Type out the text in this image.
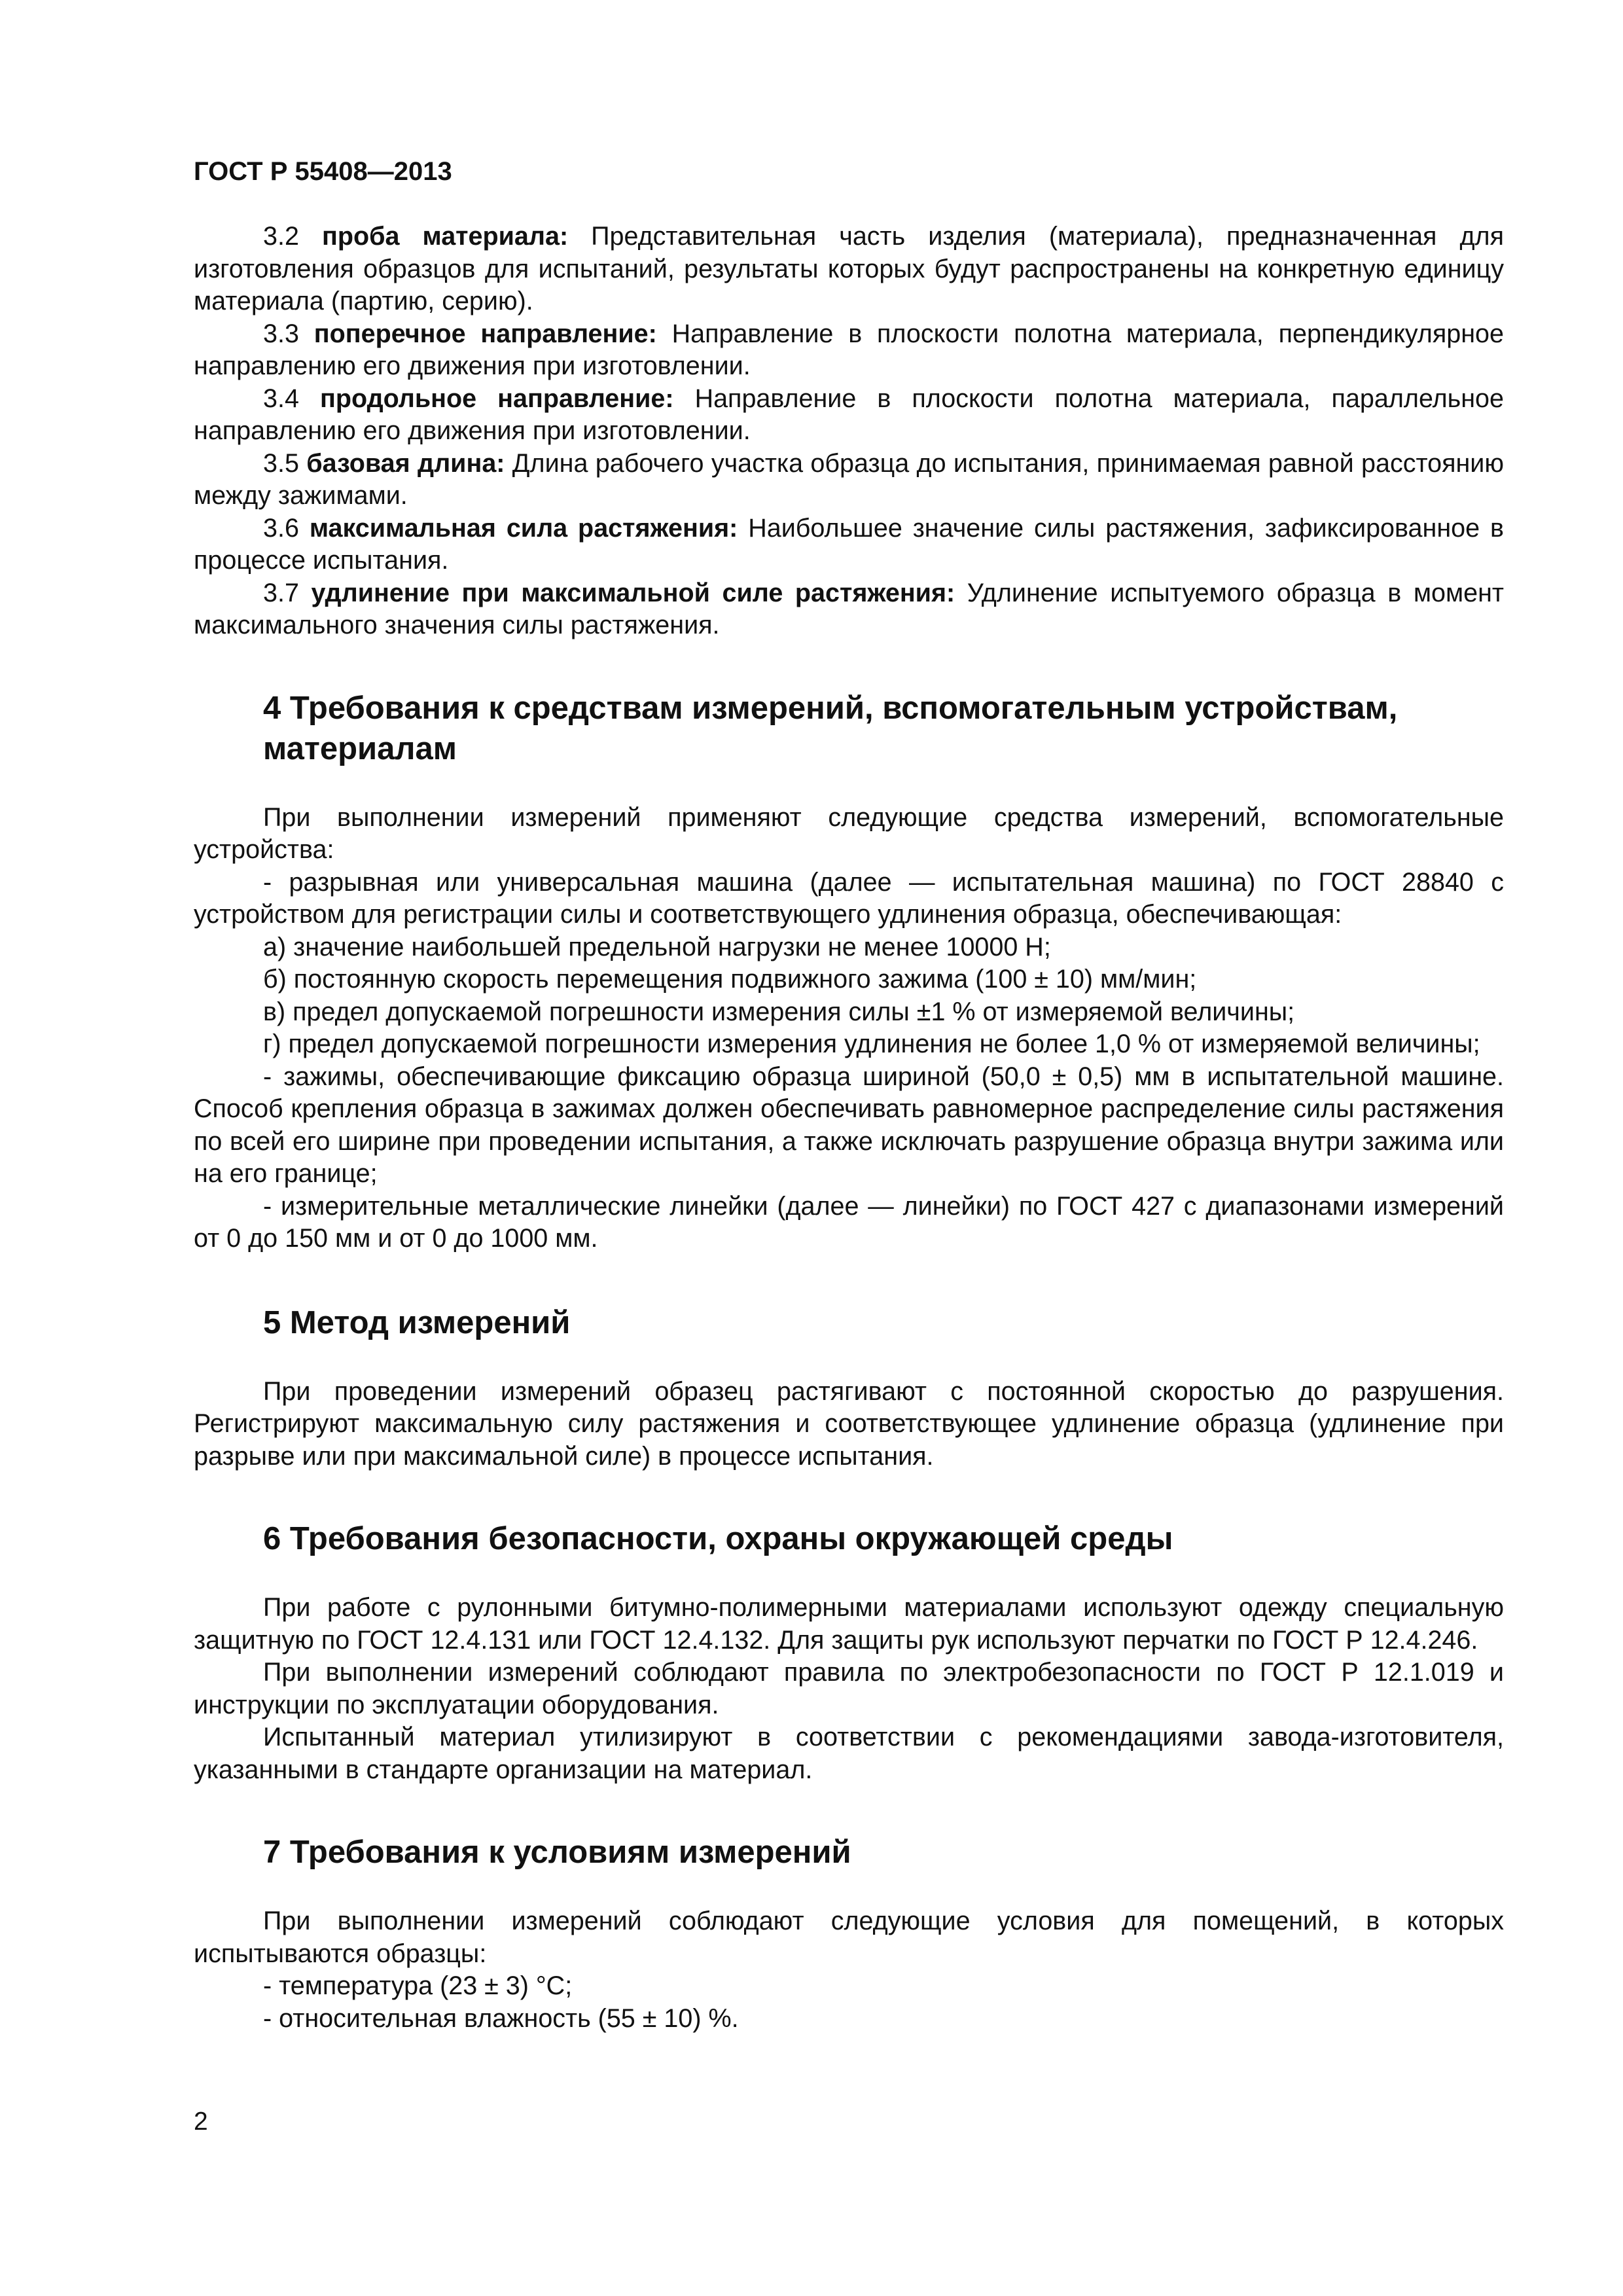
ГОСТ Р 55408—2013

3.2 проба материала: Представительная часть изделия (материала), предназначенная для изготовления образцов для испытаний, результаты которых будут распространены на конкретную единицу материала (партию, серию).

3.3 поперечное направление: Направление в плоскости полотна материала, перпендикулярное направлению его движения при изготовлении.

3.4 продольное направление: Направление в плоскости полотна материала, параллельное направлению его движения при изготовлении.

3.5 базовая длина: Длина рабочего участка образца до испытания, принимаемая равной расстоянию между зажимами.

3.6 максимальная сила растяжения: Наибольшее значение силы растяжения, зафиксированное в процессе испытания.

3.7 удлинение при максимальной силе растяжения: Удлинение испытуемого образца в момент максимального значения силы растяжения.

4 Требования к средствам измерений, вспомогательным устройствам, материалам

При выполнении измерений применяют следующие средства измерений, вспомогательные устройства:

- разрывная или универсальная машина (далее — испытательная машина) по ГОСТ 28840 с устройством для регистрации силы и соответствующего удлинения образца, обеспечивающая:

а) значение наибольшей предельной нагрузки не менее 10000 Н;

б) постоянную скорость перемещения подвижного зажима (100 ± 10) мм/мин;

в) предел допускаемой погрешности измерения силы ±1 % от измеряемой величины;

г) предел допускаемой погрешности измерения удлинения не более 1,0 % от измеряемой величины;

- зажимы, обеспечивающие фиксацию образца шириной (50,0 ± 0,5) мм в испытательной машине. Способ крепления образца в зажимах должен обеспечивать равномерное распределение силы растяжения по всей его ширине при проведении испытания, а также исключать разрушение образца внутри зажима или на его границе;

- измерительные металлические линейки (далее — линейки) по ГОСТ 427 с диапазонами измерений от 0 до 150 мм и от 0 до 1000 мм.

5 Метод измерений

При проведении измерений образец растягивают с постоянной скоростью до разрушения. Регистрируют максимальную силу растяжения и соответствующее удлинение образца (удлинение при разрыве или при максимальной силе) в процессе испытания.

6 Требования безопасности, охраны окружающей среды

При работе с рулонными битумно-полимерными материалами используют одежду специальную защитную по ГОСТ 12.4.131 или ГОСТ 12.4.132. Для защиты рук используют перчатки по ГОСТ Р 12.4.246.

При выполнении измерений соблюдают правила по электробезопасности по ГОСТ Р 12.1.019 и инструкции по эксплуатации оборудования.

Испытанный материал утилизируют в соответствии с рекомендациями завода-изготовителя, указанными в стандарте организации на материал.

7 Требования к условиям измерений

При выполнении измерений соблюдают следующие условия для помещений, в которых испытываются образцы:

- температура (23 ± 3) °С;

- относительная влажность (55 ± 10) %.

2
